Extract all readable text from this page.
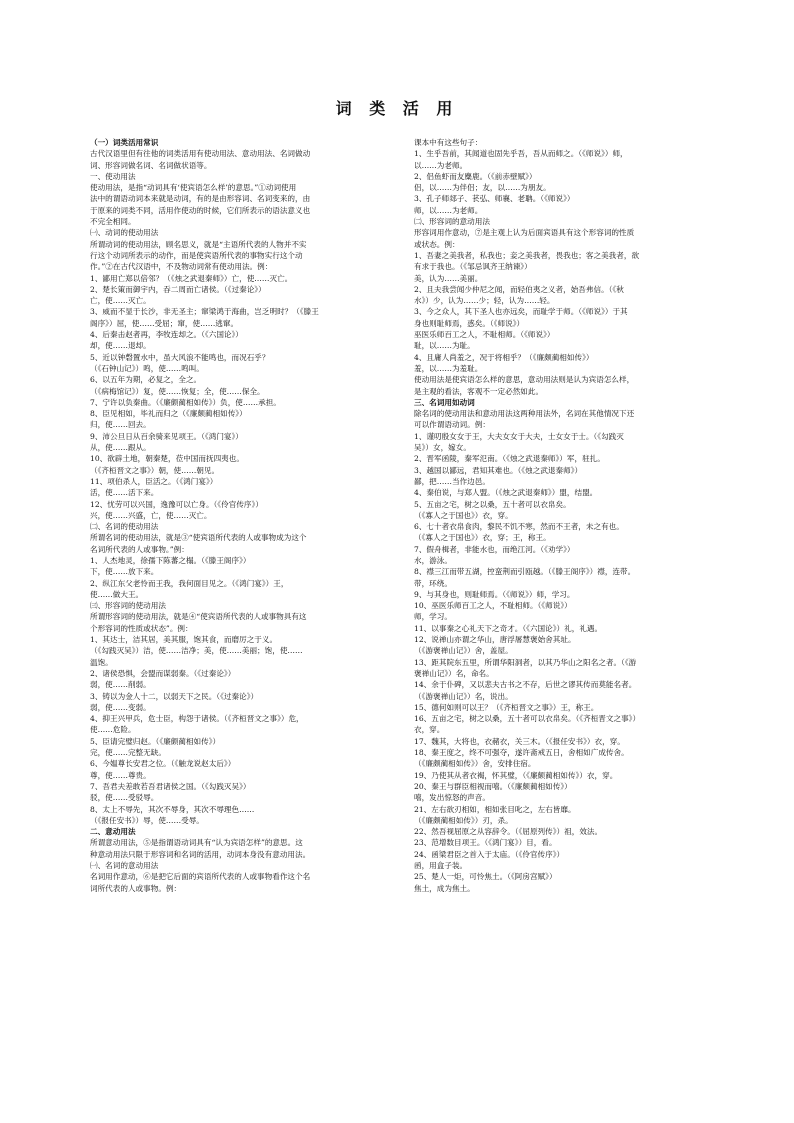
词 类 活 用
（一）词类活用常识
古代汉语里但有往他的词类活用有使动用法、意动用法、名词做动
词、形容词做名词、名词做状语等。
一、使动用法
使动用法，是指“动词具有‘使宾语怎么样’的意思。”①动词使用
法中的谓语动词本来就是动词，有的是由形容词、名词变来的，由
于原来的词类不同，活用作使动的时候，它们所表示的语法意义也
不完全相同。
㈠、动词的使动用法
所谓动词的使动用法，顾名思义，就是“主语所代表的人物并不实
行这个动词所表示的动作，而是使宾语所代表的事物实行这个动
作。”②在古代汉语中，不及物动词常有使动用法。例：
1、鄙用亡郑以倍邻？（《烛之武退秦师》）亡，使……灭亡。
2、楚长策而御宇内，吞二周而亡诸侯。（《过秦论》）
亡，使……灭亡。
3、威而不显于长沙，非无圣主；窜梁鸿于海曲，岂乏明时？（《滕王
阁序》）屈，使……受屈；窜，使……逃窜。
4、后秦击赵者再，李牧连却之。（《六国论》）
却，使……退却。
5、近以钟磬置水中，虽大风浪不能鸣也，而况石乎？
（《石钟山记》）鸣，使……鸣叫。
6、以五年为期，必复之，全之。
（《病梅馆记》）复，使……恢复；全，使……保全。
7、宁许以负秦曲。（《廉颇蔺相如传》）负，使……承担。
8、臣见相如，毕礼而归之（《廉颇蔺相如传》）
归，使……回去。
9、沛公旦日从百余骑来见项王。（《鸿门宴》）
从，使……跟从。
10、欲辟土地，朝秦楚，莅中国而抚四夷也。
（《齐桓晋文之事》）朝，使……朝见。
11、项伯杀人，臣活之。（《鸿门宴》）
活，使……活下来。
12、忧劳可以兴国，逸豫可以亡身。（《伶官传序》）
兴，使……兴盛，亡，使……灭亡。
㈡、名词的使动用法
所谓名词的使动用法，就是③“使宾语所代表的人或事物成为这个
名词所代表的人或事物。”例：
1、人杰地灵，徐孺下陈蕃之榻。（《滕王阁序》）
下，使……放下来。
2、纵江东父老怜而王我，我何面目见之。（《鸿门宴》）王，
使……做大王。
㈢、形容词的使动用法
所谓形容词的使动用法，就是④“使宾语所代表的人或事物具有这
个形容词的性质或状态”。例：
1、其达士，洁其居，美其服，饱其食，而磨厉之于义。
（《勾践灭吴》）洁，使……洁净；美，使……美丽；饱，使……
温饱。
2、诸侯恐惧，会盟而谋弱秦。（《过秦论》）
弱，使……削弱。
3、铸以为金人十二，以弱天下之民。（《过秦论》）
弱，使……变弱。
4、抑王兴甲兵，危士臣，构怨于诸侯。（《齐桓晋文之事》）危，
使……危险。
5、臣请完璧归赵。（《廉颇蔺相如传》）
完，使……完整无缺。
6、今媪尊长安君之位。（《触龙说赵太后》）
尊，使……尊贵。
7、吾君夫差敢若吾君诸侯之国。（《勾践灭吴》）
驳，使……受驳辱。
8、太上不辱先，其次不辱身，其次不辱理色……
（《报任安书》）辱，使……受辱。
二、意动用法
所谓意动用法，⑤是指谓语动词具有“认为宾语怎样”的意思。这
种意动用法只限于形容词和名词的活用，动词本身没有意动用法。
㈠、名词的意动用法
名词用作意动，⑥是把它后面的宾语所代表的人或事物看作这个名
词所代表的人或事物。例：
课本中有这些句子：
1、生乎吾前，其闻道也固先乎吾，吾从而师之。（《师说》）师，
以……为老师。
2、侣鱼虾而友麋鹿。（《前赤壁赋》）
侣，以……为伴侣；友，以……为朋友。
3、孔子师郯子、苌弘、师襄、老聃。（《师说》）
师，以……为老师。
㈡、形容词的意动用法
形容词用作意动，⑦是主观上认为后面宾语具有这个形容词的性质
或状态。例：
1、吾妻之美我者，私我也；妾之美我者，畏我也；客之美我者，欲
有求于我也。（《邹忌讽齐王纳谏》）
美，认为……美丽。
2、且夫我尝闻少仲尼之闻，而轻伯夷之义者，始吾弗信。（《秋
水》）少，认为……少；轻，认为……轻。
3、今之众人，其下圣人也亦远矣，而耻学于师。（《师说》）于其
身也则耻师焉，惑矣。（《师说》）
巫医乐师百工之人，不耻相师。（《师说》）
耻，以……为耻。
4、且庸人尚羞之，况于将相乎？（《廉颇蔺相如传》）
羞，以……为羞耻。
使动用法是使宾语怎么样的意思，意动用法则是认为宾语怎么样，
是主观的看法，客观不一定必然如此。
三、名词用如动词
除名词的使动用法和意动用法这两种用法外，名词在其他情况下还
可以作谓语动词。例：
1、谨叨殷女女于王，大夫女女于大夫，士女女于士。（《勾践灭
吴》）女，嫁女。
2、晋军函陵，秦军氾南。（《烛之武退秦师》）军，驻扎。
3、越国以鄙远，君知其难也。（《烛之武退秦师》）
鄙，把……当作边邑。
4、秦伯说，与郑人盟。（《烛之武退秦师》）盟，结盟。
5、五亩之宅，树之以桑，五十者可以衣帛矣。
（《寡人之于国也》）衣，穿。
6、七十者衣帛食肉，黎民不饥不寒，然而不王者，未之有也。
（《寡人之于国也》）衣，穿；王，称王。
7、假舟楫者，非能水也，而绝江河。（《劝学》）
水，游泳。
8、襟三江而带五湖，控蛮荆而引瓯越。（《滕王阁序》）襟，连带。
带，环绕。
9、与其身也，则耻师焉。（《师说》）师，学习。
10、巫医乐师百工之人，不耻相师。（《师说》）
师，学习。
11、以事秦之心礼天下之奇才。（《六国论》）礼，礼遇。
12、说禅山亦谓之华山，唐浮屠慧褒始舍其址。
（《游褒禅山记》）舍，盖屋。
13、距其院东五里，所谓华阳洞者，以其乃华山之阳名之者。（《游
褒禅山记》）名，命名。
14、余于仆碑，又以悲夫古书之不存，后世之谬其传而莫能名者。
（《游褒禅山记》）名，说出。
15、德何如则可以王？（《齐桓晋文之事》）王，称王。
16、五亩之宅，树之以桑，五十者可以衣帛矣。（《齐桓晋文之事》）
衣，穿。
17、魏其，大将也，衣赭衣，关三木。（《报任安书》）衣，穿。
18、秦王度之，终不可强夺，遂许斋戒五日，舍相如广成传舍。
（《廉颇蔺相如传》）舍，安排住宿。
19、乃使其从者衣褐，怀其璧，（《廉颇蔺相如传》）衣，穿。
20、秦王与群臣相视而嘻。（《廉颇蔺相如传》）
嘻，发出惊怒的声音。
21、左右欲刃相如，相如张目叱之，左右皆靡。
（《廉颇蔺相如传》）刃，杀。
22、然吾视屈原之从容辞令。（《屈原列传》）祖，效法。
23、范增数目项王。（《鸿门宴》）目，看。
24、函梁君臣之首入于太庙。（《伶官传序》）
函，用盒子装。
25、楚人一炬，可怜焦土。（《阿房宫赋》）
焦土，成为焦土。
